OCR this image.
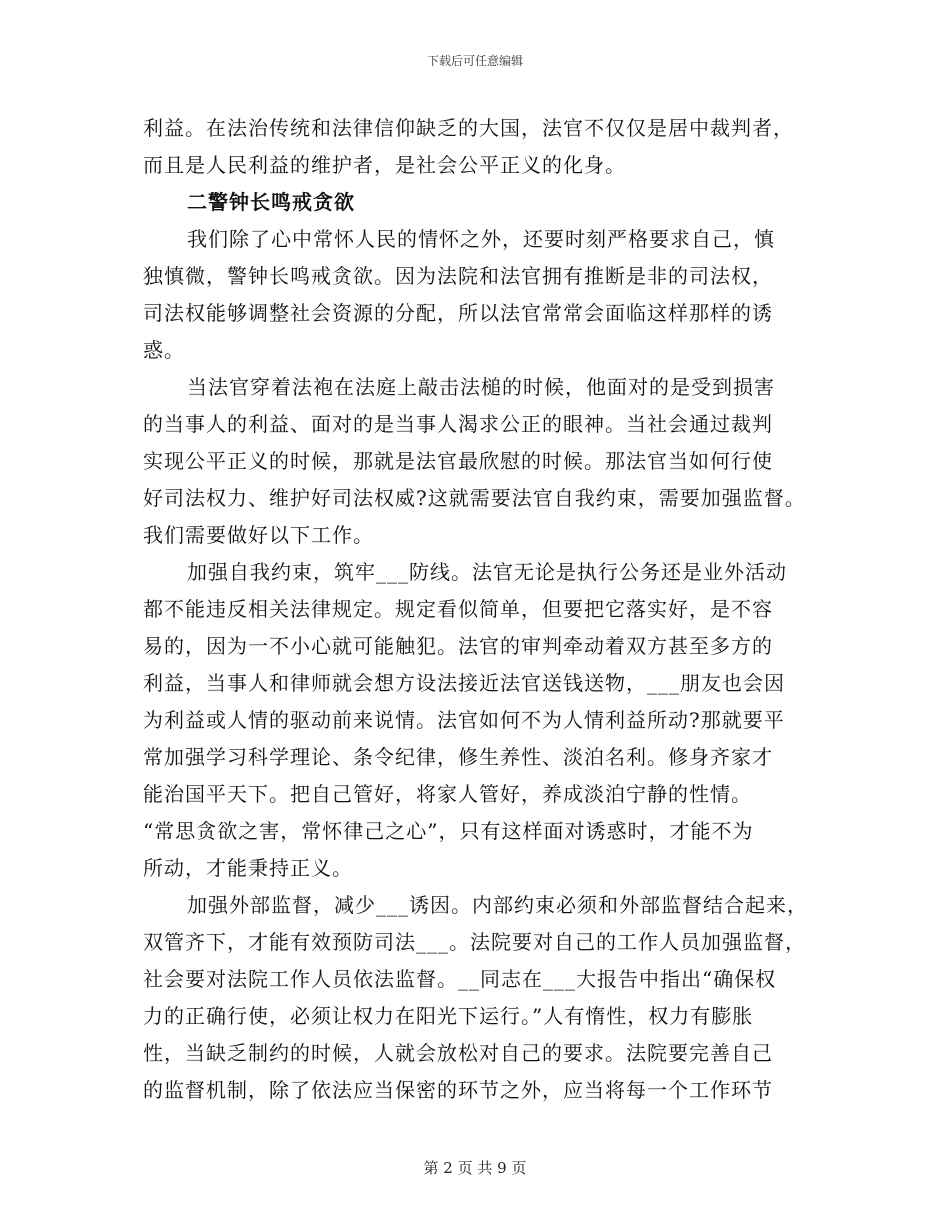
下载后可任意编辑
利益。在法治传统和法律信仰缺乏的大国，法官不仅仅是居中裁判者，
而且是人民利益的维护者，是社会公平正义的化身。
二警钟长鸣戒贪欲
我们除了心中常怀人民的情怀之外，还要时刻严格要求自己，慎
独慎微，警钟长鸣戒贪欲。因为法院和法官拥有推断是非的司法权，
司法权能够调整社会资源的分配，所以法官常常会面临这样那样的诱
惑。
当法官穿着法袍在法庭上敲击法槌的时候，他面对的是受到损害
的当事人的利益、面对的是当事人渴求公正的眼神。当社会通过裁判
实现公平正义的时候，那就是法官最欣慰的时候。那法官当如何行使
好司法权力、维护好司法权威?这就需要法官自我约束，需要加强监督。
我们需要做好以下工作。
加强自我约束，筑牢___防线。法官无论是执行公务还是业外活动
都不能违反相关法律规定。规定看似简单，但要把它落实好，是不容
易的，因为一不小心就可能触犯。法官的审判牵动着双方甚至多方的
利益，当事人和律师就会想方设法接近法官送钱送物，___朋友也会因
为利益或人情的驱动前来说情。法官如何不为人情利益所动?那就要平
常加强学习科学理论、条令纪律，修生养性、淡泊名利。修身齐家才
能治国平天下。把自己管好，将家人管好，养成淡泊宁静的性情。
“常思贪欲之害，常怀律己之心”，只有这样面对诱惑时，才能不为
所动，才能秉持正义。
加强外部监督，减少___诱因。内部约束必须和外部监督结合起来，
双管齐下，才能有效预防司法___。法院要对自己的工作人员加强监督，
社会要对法院工作人员依法监督。__同志在___大报告中指出“确保权
力的正确行使，必须让权力在阳光下运行。”人有惰性，权力有膨胀
性，当缺乏制约的时候，人就会放松对自己的要求。法院要完善自己
的监督机制，除了依法应当保密的环节之外，应当将每一个工作环节
第 2 页 共 9 页
